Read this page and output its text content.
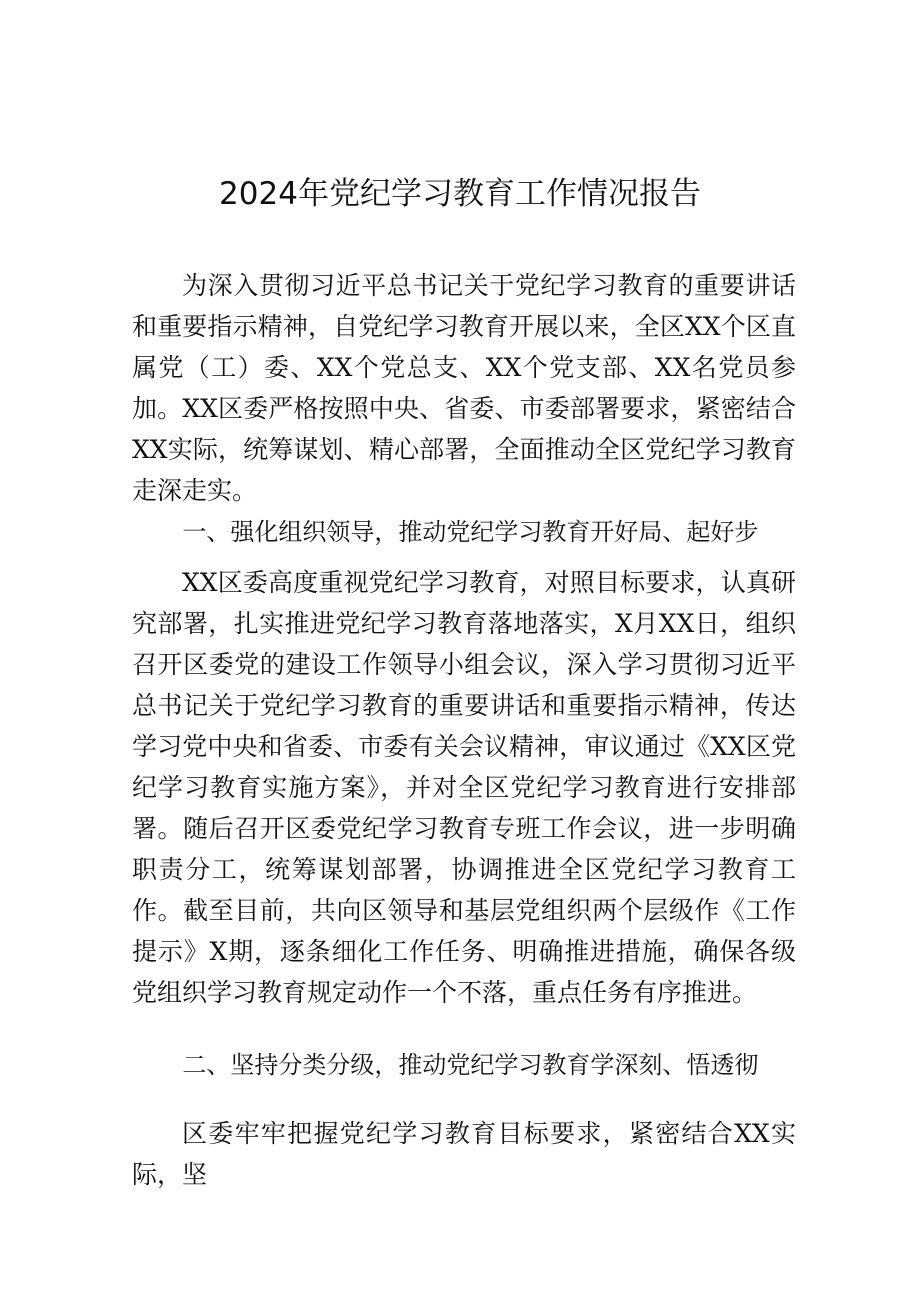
2024年党纪学习教育工作情况报告

为深入贯彻习近平总书记关于党纪学习教育的重要讲话和重要指示精神，自党纪学习教育开展以来，全区XX个区直属党（工）委、XX个党总支、XX个党支部、XX名党员参加。XX区委严格按照中央、省委、市委部署要求，紧密结合XX实际，统筹谋划、精心部署，全面推动全区党纪学习教育走深走实。

一、强化组织领导，推动党纪学习教育开好局、起好步

XX区委高度重视党纪学习教育，对照目标要求，认真研究部署，扎实推进党纪学习教育落地落实，X月XX日，组织召开区委党的建设工作领导小组会议，深入学习贯彻习近平总书记关于党纪学习教育的重要讲话和重要指示精神，传达学习党中央和省委、市委有关会议精神，审议通过《XX区党纪学习教育实施方案》，并对全区党纪学习教育进行安排部署。随后召开区委党纪学习教育专班工作会议，进一步明确职责分工，统筹谋划部署，协调推进全区党纪学习教育工作。截至目前，共向区领导和基层党组织两个层级作《工作提示》X期，逐条细化工作任务、明确推进措施，确保各级党组织学习教育规定动作一个不落，重点任务有序推进。

二、坚持分类分级，推动党纪学习教育学深刻、悟透彻

区委牢牢把握党纪学习教育目标要求，紧密结合XX实际，坚
